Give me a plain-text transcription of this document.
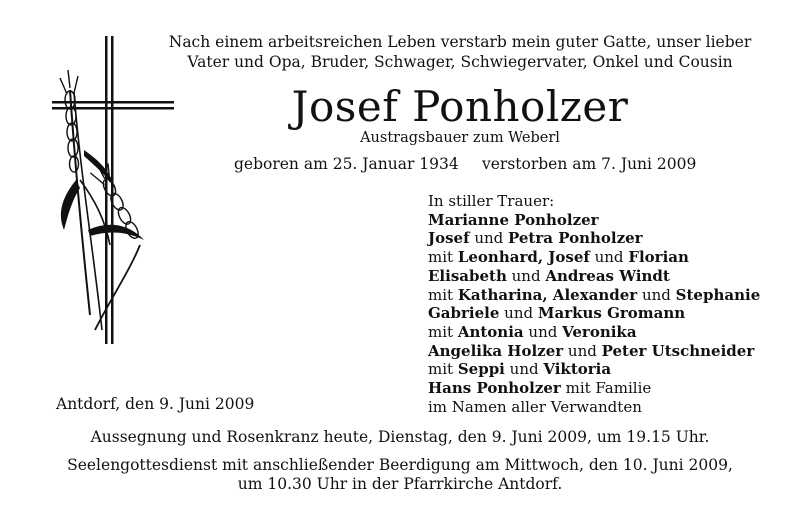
Nach einem arbeitsreichen Leben verstarb mein guter Gatte, unser lieber
Vater und Opa, Bruder, Schwager, Schwiegervater, Onkel und Cousin
Josef Ponholzer
Austragsbauer zum Weberl
geboren am 25. Januar 1934 verstorben am 7. Juni 2009
In stiller Trauer:
Marianne Ponholzer
Josef und Petra Ponholzer
mit Leonhard, Josef und Florian
Elisabeth und Andreas Windt
mit Katharina, Alexander und Stephanie
Gabriele und Markus Gromann
mit Antonia und Veronika
Angelika Holzer und Peter Utschneider
mit Seppi und Viktoria
Hans Ponholzer mit Familie
im Namen aller Verwandten
Antdorf, den 9. Juni 2009
Aussegnung und Rosenkranz heute, Dienstag, den 9. Juni 2009, um 19.15 Uhr.
Seelengottesdienst mit anschließender Beerdigung am Mittwoch, den 10. Juni 2009,
um 10.30 Uhr in der Pfarrkirche Antdorf.
